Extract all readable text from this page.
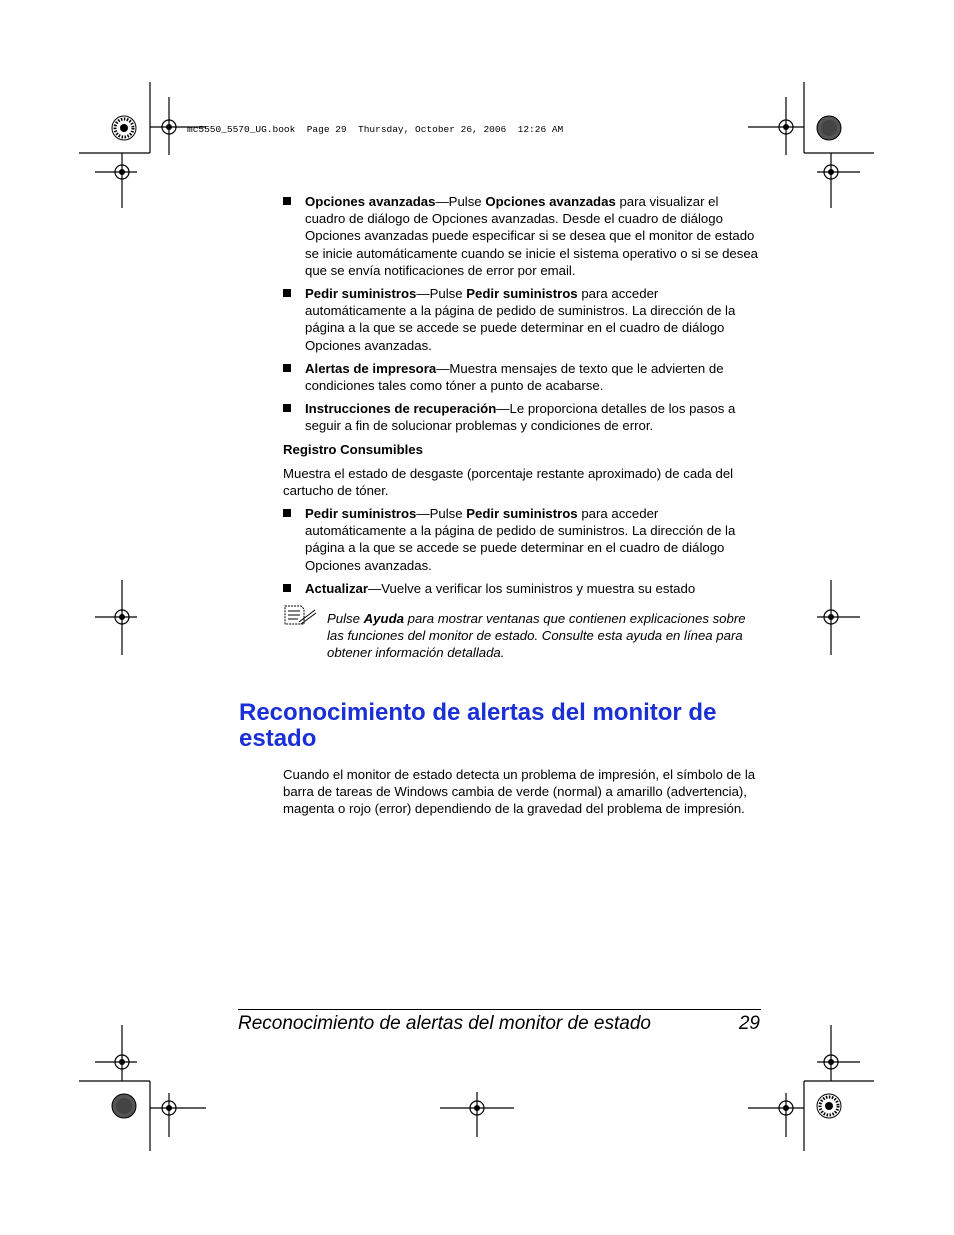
mc5550_5570_UG.book  Page 29  Thursday, October 26, 2006  12:26 AM
Opciones avanzadas—Pulse Opciones avanzadas para visualizar el cuadro de diálogo de Opciones avanzadas. Desde el cuadro de diálogo Opciones avanzadas puede especificar si se desea que el monitor de estado se inicie automáticamente cuando se inicie el sistema operativo o si se desea que se envía notificaciones de error por email.
Pedir suministros—Pulse Pedir suministros para acceder automáticamente a la página de pedido de suministros. La dirección de la página a la que se accede se puede determinar en el cuadro de diálogo Opciones avanzadas.
Alertas de impresora—Muestra mensajes de texto que le advierten de condiciones tales como tóner a punto de acabarse.
Instrucciones de recuperación—Le proporciona detalles de los pasos a seguir a fin de solucionar problemas y condiciones de error.
Registro Consumibles
Muestra el estado de desgaste (porcentaje restante aproximado) de cada del cartucho de tóner.
Pedir suministros—Pulse Pedir suministros para acceder automáticamente a la página de pedido de suministros. La dirección de la página a la que se accede se puede determinar en el cuadro de diálogo Opciones avanzadas.
Actualizar—Vuelve a verificar los suministros y muestra su estado
Pulse Ayuda para mostrar ventanas que contienen explicaciones sobre las funciones del monitor de estado. Consulte esta ayuda en línea para obtener información detallada.
Reconocimiento de alertas del monitor de estado
Cuando el monitor de estado detecta un problema de impresión, el símbolo de la barra de tareas de Windows cambia de verde (normal) a amarillo (advertencia), magenta o rojo (error) dependiendo de la gravedad del problema de impresión.
Reconocimiento de alertas del monitor de estado	29
